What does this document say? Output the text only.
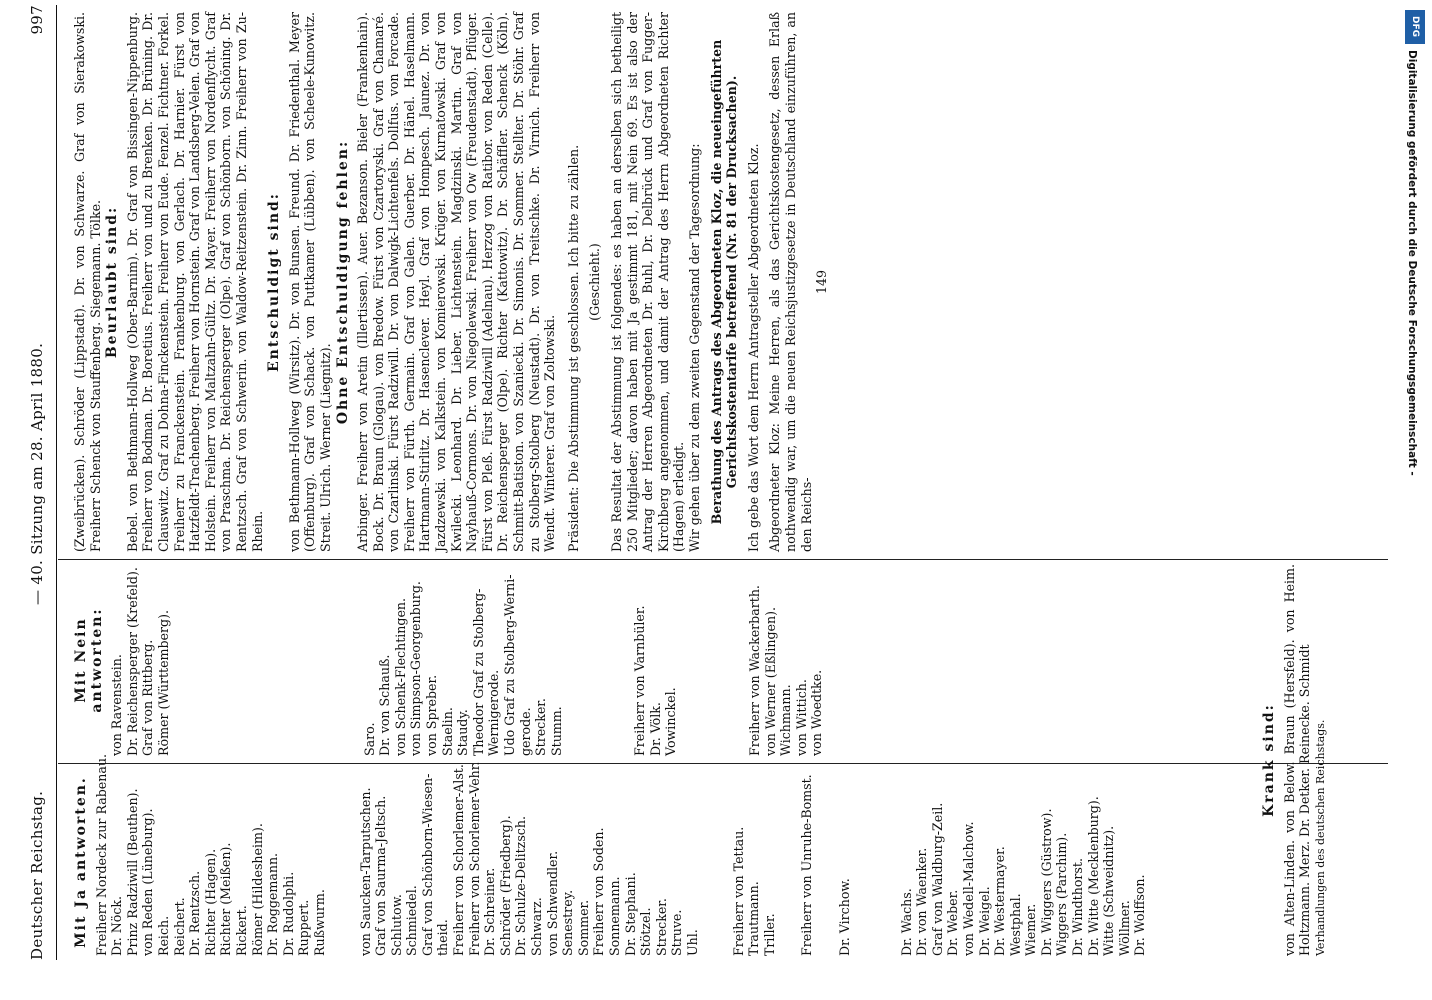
Deutscher Reichstag.
— 40. Sitzung am 28. April 1880.
997
Mit Ja antworten. Freiherr Nordeck zur Rabenau. Dr. Nöck. Prinz Radziwill (Beuthen). von Reden (Lüneburg). Reich. Reichert. Dr. Rentzsch. Richter (Hagen). Richter (Meißen). Rickert. Römer (Hildesheim). Dr. Roggemann. Dr. Rudolphi. Ruppert. Rußwurm. von Saucken-Tarputschen. Graf von Saurma-Jeltsch. Schlutow. Schmiedel. Graf von Schönborn-Wiesen- theid. Freiherr von Schorlemer-Alst. Freiherr von Schorlemer-Vehr. Dr. Schreiner. Schröder (Friedberg). Dr. Schulze-Delitzsch. Schwarz. von Schwendler. Senestrey. Sommer. Freiherr von Soden. Sonnemann. Dr. Stephani. Stötzel. Strecker. Struve. Uhl. Freiherr von Tettau. Trautmann. Triller. Freiherr von Unruhe-Bomst. Dr. Virchow.	Dr. Wachs. Dr. von Waenker. Graf von Waldburg-Zeil. Dr. Weber. von Wedell-Malchow. Dr. Weigel. Dr. Westermayer. Westphal. Wiemer. Dr. Wiggers (Güstrow). Wiggers (Parchim). Dr. Windthorst. Dr. Witte (Mecklenburg). Witte (Schweidnitz). Wöllmer. Dr. Wolffson.
Mit Nein antworten: von Ravenstein. Dr. Reichensperger (Krefeld). Graf von Rittberg. Römer (Württemberg).	Saro. Dr. von Schauß. von Schenk-Flechtingen. von Simpson-Georgenburg. von Spreber. Staelin. Staudy. Theodor Graf zu Stolberg- Wernigerode. Udo Graf zu Stolberg-Werni- gerode. Strecker. Stumm.	Freiherr von Varnbüler. Dr. Völk. Vowinckel.	Freiherr von Wackerbarth. von Werner (Eßlingen). Wichmann. von Wittich. von Woedtke.	Krank sind: von Alten-Linden. von Below. Braun (Hersfeld). von Heim. Holtzmann. Merz. Dr. Detker. Reinecke. Schmidt Verhandlungen des deutschen Reichstags.
(Zweibrücken). Schröder (Lippstadt). Dr. von Schwarze. Graf von Sierakowski. Freiherr Schenck von Stauffenberg. Siegemann. Tölke. Beurlaubt sind: Bebel. von Bethmann-Hollweg (Ober-Barnim). Dr. Graf von Bissingen-Nippenburg. Freiherr von Bodman. Dr. Boretius. Freiherr von und zu Brenken. Dr. Brüning. Dr. Clauswitz. Graf zu Dohna-Finckenstein. Freiherr von Eude. Fenzel. Fichtner. Forkel. Freiherr zu Franckenstein. Frankenburg. von Gerlach. Dr. Harnier. Fürst von Hatzfeldt-Trachenberg. Freiherr von Hornstein. Graf von Landsberg-Velen. Graf von Holstein. Freiherr von Maltzahn-Gültz. Dr. Mayer. Freiherr von Nordenflycht. Graf von Praschma. Dr. Reichensperger (Olpe). Graf von Schönborn. von Schöning. Dr. Rentzsch. Graf von Schwerin. von Waldow-Reitzenstein. Dr. Zinn. Freiherr von Zu-Rhein.
Entschuldigt sind: von Bethmann-Hollweg (Wirsitz). Dr. von Bunsen. Freund. Dr. Friedenthal. Meyer (Offenburg). Graf von Schack. von Puttkamer (Lübben). von Scheele-Kunowitz. Streit. Ulrich. Werner (Liegnitz).
Ohne Entschuldigung fehlen: Arbinger. Freiherr von Aretin (Illertissen). Auer. Bezanson. Bieler (Frankenhain). Bock. Dr. Braun (Glogau). von Bredow. Fürst von Czartoryski. Graf von Chamaré. von Czarlinski. Fürst Radziwill. Dr. von Dalwigk-Lichtenfels. Dollfus. von Forcade. Freiherr von Fürth. Germain. Graf von Galen. Guerber. Dr. Hänel. Haselmann. Hartmann-Stirlitz. Dr. Hasenclever. Heyl. Graf von Hompesch. Jaunez. Dr. von Jazdzewski. von Kalkstein. von Komierowski. Krüger. von Kurnatowski. Graf von Kwilecki. Leonhard. Dr. Lieber. Lichtenstein. Magdzinski. Martin. Graf von Nayhauß-Cormons. Dr. von Niegolewski. Freiherr von Ow (Freudenstadt). Pflüger. Fürst von Pleß. Fürst Radziwill (Adelnau). Herzog von Ratibor. von Reden (Celle). Dr. Reichensperger (Olpe). Richter (Kattowitz). Dr. Schäffler. Schenck (Köln). Schmitt-Batiston. von Szaniecki. Dr. Simonis. Dr. Sommer. Stellter. Dr. Stöhr. Graf zu Stolberg-Stolberg (Neustadt). Dr. von Treitschke. Dr. Virnich. Freiherr von Wendt. Winterer. Graf von Zoltowski. Präsident: Die Abstimmung ist geschlossen. Ich bitte zu zählen. (Geschieht.) Das Resultat der Abstimmung ist folgendes: es haben an derselben sich betheiligt 250 Mitglieder; davon haben mit Ja gestimmt 181, mit Nein 69. Es ist also der Antrag der Herren Abgeordneten Dr. Buhl, Dr. Delbrück und Graf von Fugger-Kirchberg angenommen, und damit der Antrag des Herrn Abgeordneten Richter (Hagen) erledigt. Wir gehen über zu dem zweiten Gegenstand der Tagesordnung: Berathung des Antrags des Abgeordneten Kloz, die neueingeführten Gerichtskostentarife betreffend (Nr. 81 der Drucksachen). Ich gebe das Wort dem Herrn Antragsteller Abgeordneten Kloz. Abgeordneter Kloz: Meine Herren, als das Gerichtskostengesetz, dessen Erlaß nothwendig war, um die neuen Reichsjustizgesetze in Deutschland einzuführen, an den Reichs-
149
DFG
Digitalisierung gefördert durch die Deutsche Forschungsgemeinschaft -
